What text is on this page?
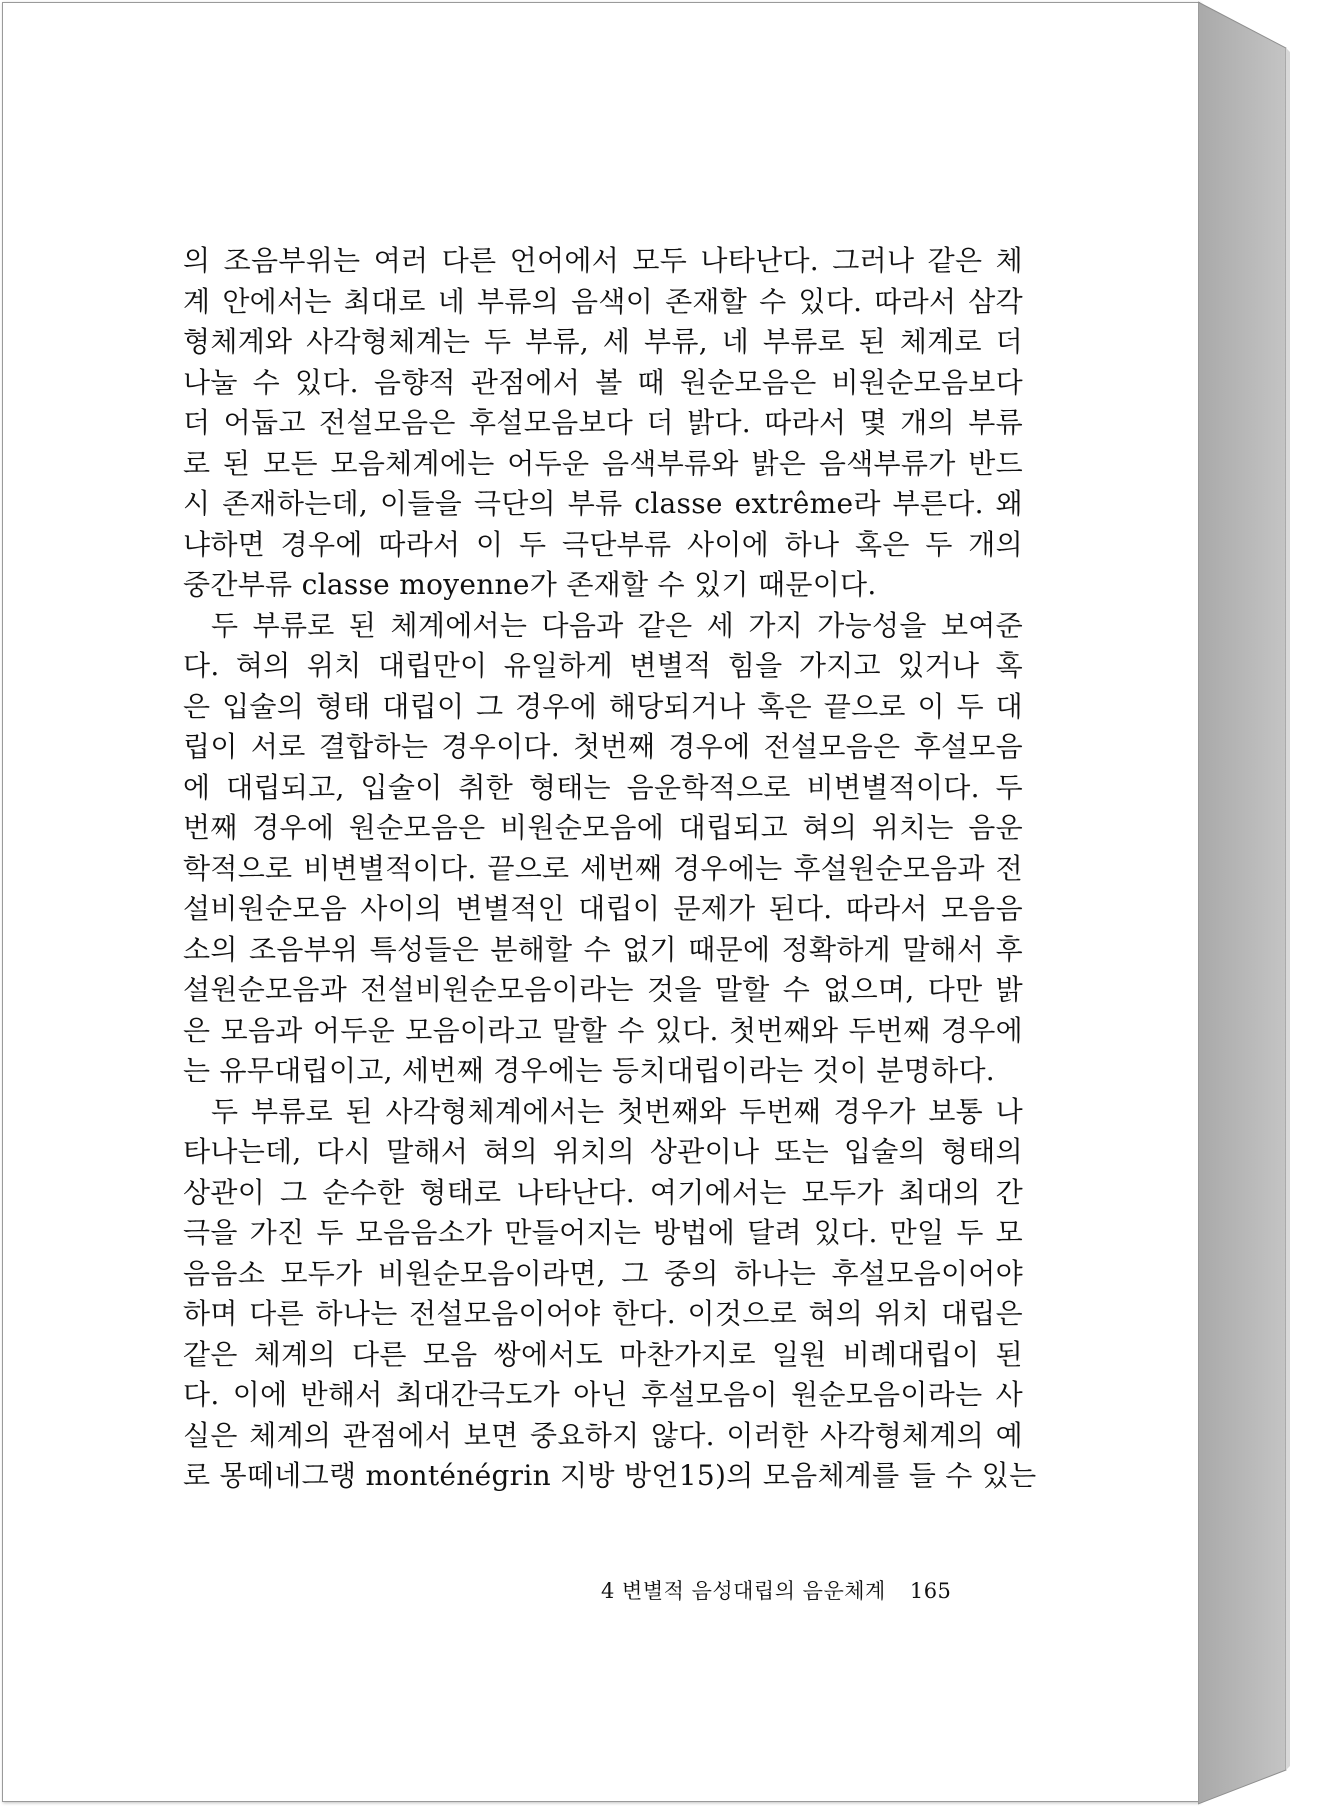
의 조음부위는 여러 다른 언어에서 모두 나타난다. 그러나 같은 체
계 안에서는 최대로 네 부류의 음색이 존재할 수 있다. 따라서 삼각
형체계와 사각형체계는 두 부류, 세 부류, 네 부류로 된 체계로 더
나눌 수 있다. 음향적 관점에서 볼 때 원순모음은 비원순모음보다
더 어둡고 전설모음은 후설모음보다 더 밝다. 따라서 몇 개의 부류
로 된 모든 모음체계에는 어두운 음색부류와 밝은 음색부류가 반드
시 존재하는데, 이들을 극단의 부류 classe extrême라 부른다. 왜
냐하면 경우에 따라서 이 두 극단부류 사이에 하나 혹은 두 개의
중간부류 classe moyenne가 존재할 수 있기 때문이다.
두 부류로 된 체계에서는 다음과 같은 세 가지 가능성을 보여준
다. 혀의 위치 대립만이 유일하게 변별적 힘을 가지고 있거나 혹
은 입술의 형태 대립이 그 경우에 해당되거나 혹은 끝으로 이 두 대
립이 서로 결합하는 경우이다. 첫번째 경우에 전설모음은 후설모음
에 대립되고, 입술이 취한 형태는 음운학적으로 비변별적이다. 두
번째 경우에 원순모음은 비원순모음에 대립되고 혀의 위치는 음운
학적으로 비변별적이다. 끝으로 세번째 경우에는 후설원순모음과 전
설비원순모음 사이의 변별적인 대립이 문제가 된다. 따라서 모음음
소의 조음부위 특성들은 분해할 수 없기 때문에 정확하게 말해서 후
설원순모음과 전설비원순모음이라는 것을 말할 수 없으며, 다만 밝
은 모음과 어두운 모음이라고 말할 수 있다. 첫번째와 두번째 경우에
는 유무대립이고, 세번째 경우에는 등치대립이라는 것이 분명하다.
두 부류로 된 사각형체계에서는 첫번째와 두번째 경우가 보통 나
타나는데, 다시 말해서 혀의 위치의 상관이나 또는 입술의 형태의
상관이 그 순수한 형태로 나타난다. 여기에서는 모두가 최대의 간
극을 가진 두 모음음소가 만들어지는 방법에 달려 있다. 만일 두 모
음음소 모두가 비원순모음이라면, 그 중의 하나는 후설모음이어야
하며 다른 하나는 전설모음이어야 한다. 이것으로 혀의 위치 대립은
같은 체계의 다른 모음 쌍에서도 마찬가지로 일원 비례대립이 된
다. 이에 반해서 최대간극도가 아닌 후설모음이 원순모음이라는 사
실은 체계의 관점에서 보면 중요하지 않다. 이러한 사각형체계의 예
로 몽떼네그랭 monténégrin 지방 방언15)의 모음체계를 들 수 있는
4 변별적 음성대립의 음운체계 165
